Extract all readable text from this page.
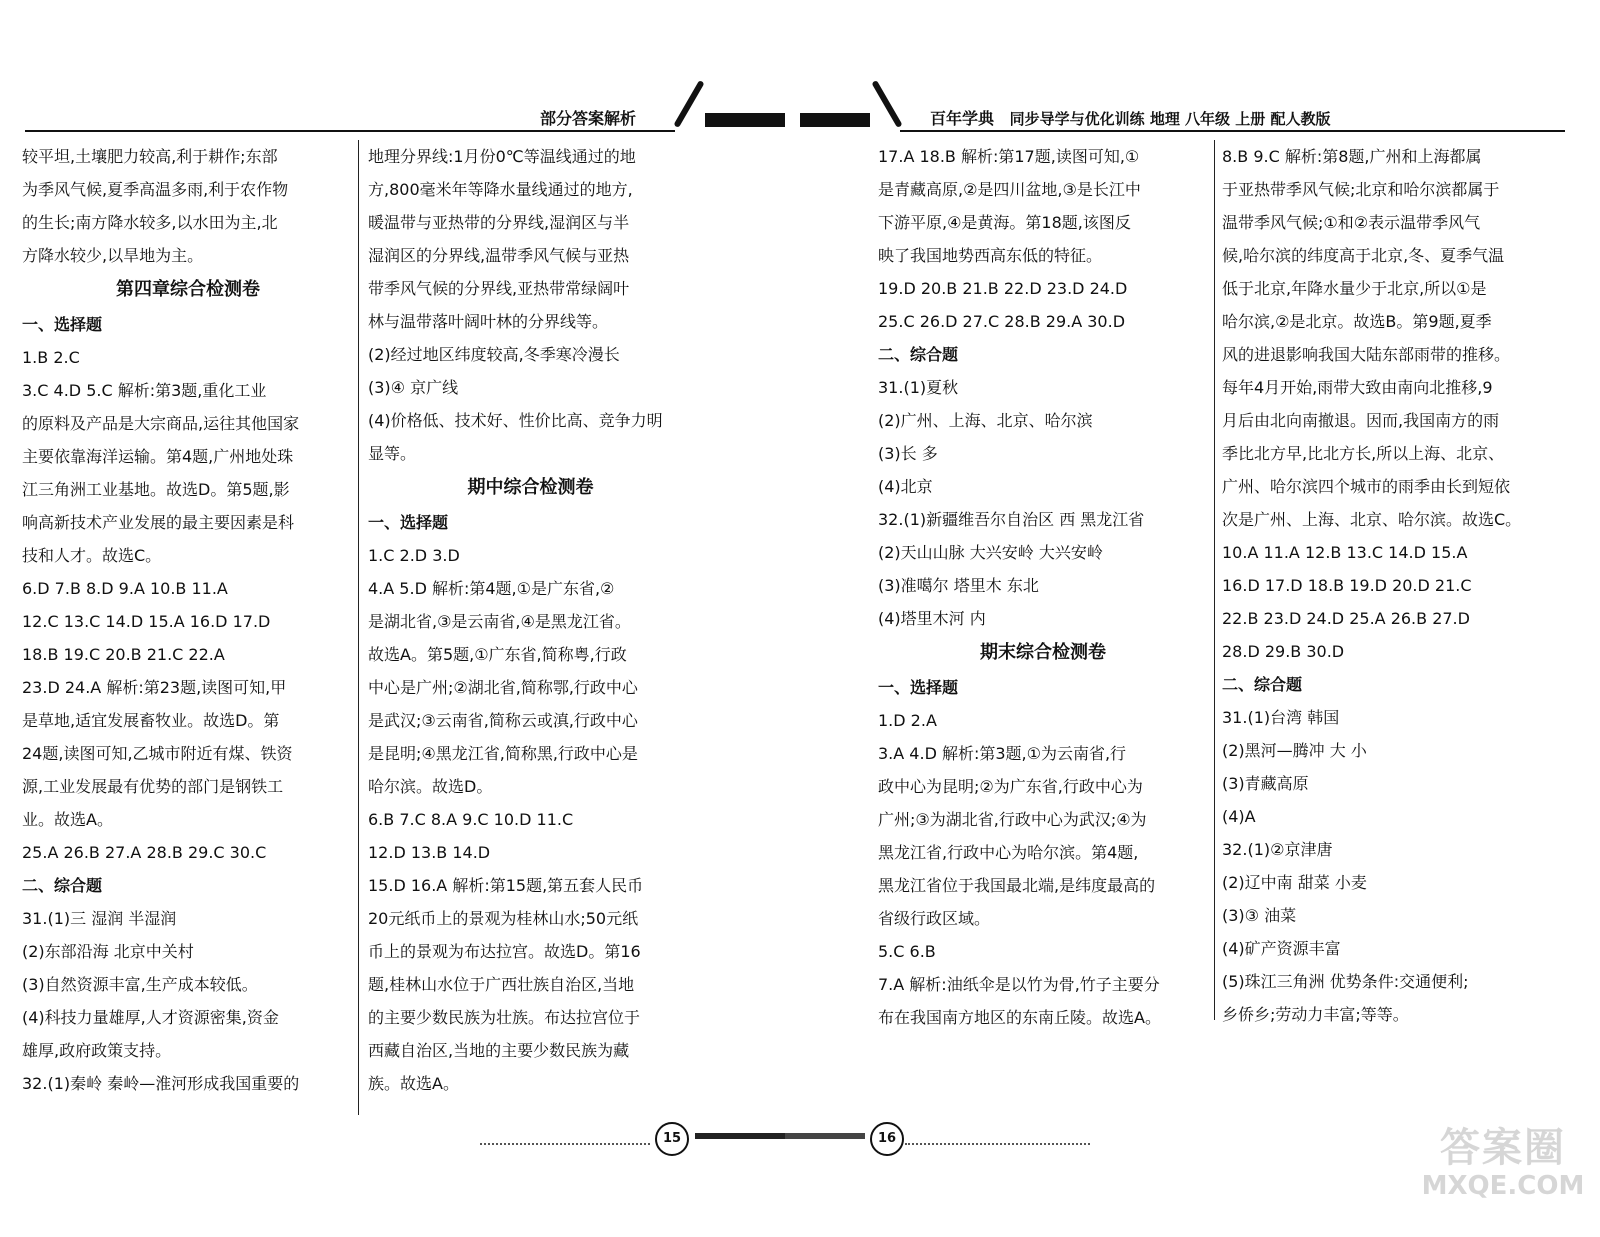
部分答案解析	百年学典 同步导学与优化训练 地理 八年级 上册 配人教版
较平坦,土壤肥力较高,利于耕作;东部
为季风气候,夏季高温多雨,利于农作物
的生长;南方降水较多,以水田为主,北
方降水较少,以旱地为主。
第四章综合检测卷
一、选择题
1.B 2.C
3.C 4.D 5.C 解析:第3题,重化工业
的原料及产品是大宗商品,运往其他国家
主要依靠海洋运输。第4题,广州地处珠
江三角洲工业基地。故选D。第5题,影
响高新技术产业发展的最主要因素是科
技和人才。故选C。
6.D 7.B 8.D 9.A 10.B 11.A
12.C 13.C 14.D 15.A 16.D 17.D
18.B 19.C 20.B 21.C 22.A
23.D 24.A 解析:第23题,读图可知,甲
是草地,适宜发展畜牧业。故选D。第
24题,读图可知,乙城市附近有煤、铁资
源,工业发展最有优势的部门是钢铁工
业。故选A。
25.A 26.B 27.A 28.B 29.C 30.C
二、综合题
31.(1)三 湿润 半湿润
(2)东部沿海 北京中关村
(3)自然资源丰富,生产成本较低。
(4)科技力量雄厚,人才资源密集,资金
雄厚,政府政策支持。
32.(1)秦岭 秦岭—淮河形成我国重要的
地理分界线:1月份0℃等温线通过的地
方,800毫米年等降水量线通过的地方,
暖温带与亚热带的分界线,湿润区与半
湿润区的分界线,温带季风气候与亚热
带季风气候的分界线,亚热带常绿阔叶
林与温带落叶阔叶林的分界线等。
(2)经过地区纬度较高,冬季寒冷漫长
(3)④ 京广线
(4)价格低、技术好、性价比高、竞争力明
显等。
期中综合检测卷
一、选择题
1.C 2.D 3.D
4.A 5.D 解析:第4题,①是广东省,②
是湖北省,③是云南省,④是黑龙江省。
故选A。第5题,①广东省,简称粤,行政
中心是广州;②湖北省,简称鄂,行政中心
是武汉;③云南省,简称云或滇,行政中心
是昆明;④黑龙江省,简称黑,行政中心是
哈尔滨。故选D。
6.B 7.C 8.A 9.C 10.D 11.C
12.D 13.B 14.D
15.D 16.A 解析:第15题,第五套人民币
20元纸币上的景观为桂林山水;50元纸
币上的景观为布达拉宫。故选D。第16
题,桂林山水位于广西壮族自治区,当地
的主要少数民族为壮族。布达拉宫位于
西藏自治区,当地的主要少数民族为藏
族。故选A。
17.A 18.B 解析:第17题,读图可知,①
是青藏高原,②是四川盆地,③是长江中
下游平原,④是黄海。第18题,该图反
映了我国地势西高东低的特征。
19.D 20.B 21.B 22.D 23.D 24.D
25.C 26.D 27.C 28.B 29.A 30.D
二、综合题
31.(1)夏秋
(2)广州、上海、北京、哈尔滨
(3)长 多
(4)北京
32.(1)新疆维吾尔自治区 西 黑龙江省
(2)天山山脉 大兴安岭 大兴安岭
(3)准噶尔 塔里木 东北
(4)塔里木河 内
期末综合检测卷
一、选择题
1.D 2.A
3.A 4.D 解析:第3题,①为云南省,行
政中心为昆明;②为广东省,行政中心为
广州;③为湖北省,行政中心为武汉;④为
黑龙江省,行政中心为哈尔滨。第4题,
黑龙江省位于我国最北端,是纬度最高的
省级行政区域。
5.C 6.B
7.A 解析:油纸伞是以竹为骨,竹子主要分
布在我国南方地区的东南丘陵。故选A。
8.B 9.C 解析:第8题,广州和上海都属
于亚热带季风气候;北京和哈尔滨都属于
温带季风气候;①和②表示温带季风气
候,哈尔滨的纬度高于北京,冬、夏季气温
低于北京,年降水量少于北京,所以①是
哈尔滨,②是北京。故选B。第9题,夏季
风的进退影响我国大陆东部雨带的推移。
每年4月开始,雨带大致由南向北推移,9
月后由北向南撤退。因而,我国南方的雨
季比北方早,比北方长,所以上海、北京、
广州、哈尔滨四个城市的雨季由长到短依
次是广州、上海、北京、哈尔滨。故选C。
10.A 11.A 12.B 13.C 14.D 15.A
16.D 17.D 18.B 19.D 20.D 21.C
22.B 23.D 24.D 25.A 26.B 27.D
28.D 29.B 30.D
二、综合题
31.(1)台湾 韩国
(2)黑河—腾冲 大 小
(3)青藏高原
(4)A
32.(1)②京津唐
(2)辽中南 甜菜 小麦
(3)③ 油菜
(4)矿产资源丰富
(5)珠江三角洲 优势条件:交通便利;
乡侨乡;劳动力丰富;等等。
15	16	答案圈
MXQE.COM
